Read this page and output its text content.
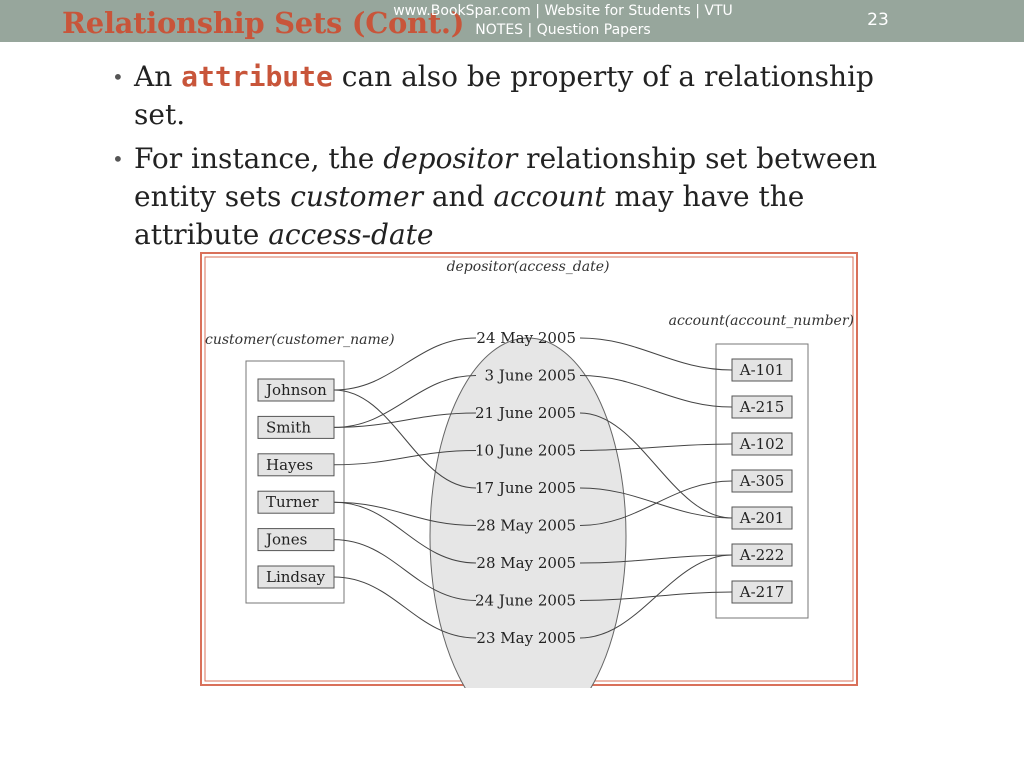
Relationship Sets (Cont.)
www.BookSpar.com | Website for Students | VTU
NOTES | Question Papers	23
• An attribute can also be property of a relationship set.
• For instance, the depositor relationship set between entity sets customer and account may have the attribute access-date
depositor(access_date)
customer(customer_name)
account(account_number)
Johnson
Smith
Hayes
Turner
Jones
Lindsay
24 May 2005
3 June 2005
21 June 2005
10 June 2005
17 June 2005
28 May 2005
28 May 2005
24 June 2005
23 May 2005
A-101
A-215
A-102
A-305
A-201
A-222
A-217
